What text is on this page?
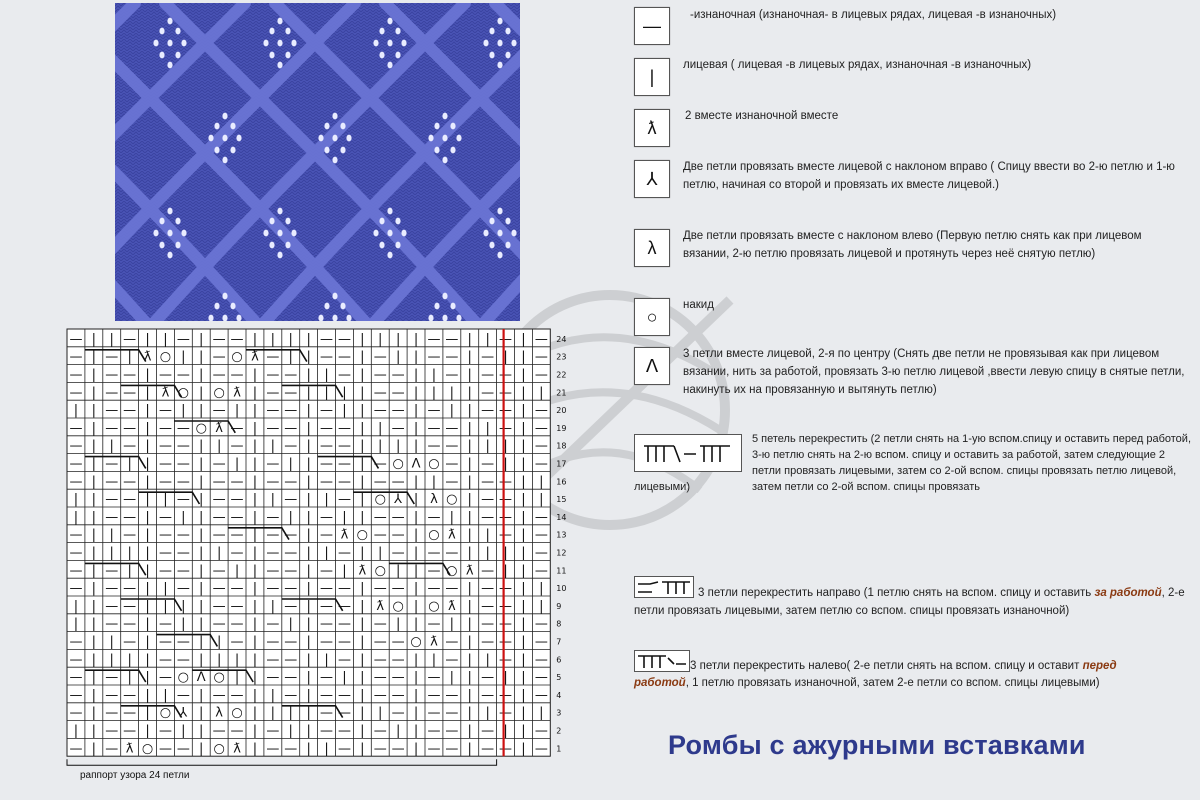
— | — ƛ ○ — — | ○ ƛ | — — | | — | — — | — — | — — | — 1
| | — — | — | | — — | — | | — — | — | | — — | — | | — 2
— | — — | ○ ⅄ | λ ○ | | | | — — | | — | — — | | — | | 3
— | — — | | — | — — | | — | — — | — — | — — | — — | — 4
— | — | | — ○ ᐱ ○ | | — — | — | | — — | — | | — | | — 5
— | | | | — — | | | | — — | | — | — — | | — | | — | — 6
— | | — | — — | | — | — — | — — | — — ○ ƛ — | — — | — 7
| | — — | — | | — — | — | | — — | — | | — | | — — | — 8
| | — — | | | | — — | | — | — — | ƛ ○ | ○ ƛ | — — | | 9
— | — — | | — | — — | — — | — — | — — | — — | — — | | 10
— | — | | — — | — | | — — | — | ƛ ○ | | — ○ ƛ — | | — 11
— | | | | — — | | — | — — | | — | | — | — — | | | | — 12
— | | — | — — | — — | — — | — ƛ ○ — — | ○ ƛ | | — | — 13
| | — — | — | | — — | — | | — | | — — | — | | — — | — 14
| | — — | | — | — — | | — | | — | ○ ⅄ | λ ○ | — — | | 15
— | — — | — — | — — | — — | — — | — — | | — | — — | | 16
— | — | | — — | — | | — | | — — | — ○ ᐱ ○ — | — | | — 17
— | | — | — — | | — | | — | — — | | | | — — | | | | — 18
— | — — | — — ○ ƛ — | — — | — — | | — | — — | | — | — 19
| | — — | — | | — | | — — | — | | — — | — | | — — | — 20
— | — — | ƛ ○ | ○ ƛ | — — | | | | — — | | | | — — | | 21
— | — — | — — | — — | — — | | — | — — | | — | — — | — 22
— | — | ƛ ○ | | — ○ ƛ — | | — — | — | | — — | — | | — 23
— | | — | | — | — — | | | | — — | | | | — — | | — | — 24
раппорт узора 24 петли
—
-изнаночная (изнаночная- в лицевых рядах, лицевая -в изнаночных)
|
лицевая ( лицевая -в лицевых рядах, изнаночная -в изнаночных)
ƛ
2 вместе изнаночной вместе
⅄
Две петли провязать вместе лицевой с наклоном вправо ( Спицу ввести во 2-ю петлю и 1-ю петлю, начиная со второй и провязать их вместе лицевой.)
λ
Две петли провязать вместе с наклоном влево (Первую петлю снять как при лицевом вязании, 2-ю петлю провязать лицевой и протянуть через неё снятую петлю)
○
накид
ᐱ
3 петли вместе лицевой, 2-я по центру (Снять две петли не провязывая как при лицевом вязании, нить за работой, провязать 3-ю петлю лицевой ,ввести левую спицу в снятые петли, накинуть их на провязанную и вытянуть петлю)
5 петель перекрестить (2 петли снять на 1-ую вспом.спицу и оставить перед работой, 3-ю петлю снять на 2-ю вспом. спицу и оставить за работой, затем следующие 2 петли провязать лицевыми, затем со 2-ой вспом. спицы провязать петлю лицевой, затем петли со 2-ой вспом. спицы провязать
лицевыми)
3 петли перекрестить направо (1 петлю снять на вспом. спицу и оставить за работой, 2-е петли провязать лицевыми, затем петлю со вспом. спицы провязать изнаночной)
3 петли перекрестить налево( 2-е петли снять на вспом. спицу и оставит перед работой, 1 петлю провязать изнаночной, затем 2-е петли со вспом. спицы лицевыми)
Ромбы с ажурными вставками
